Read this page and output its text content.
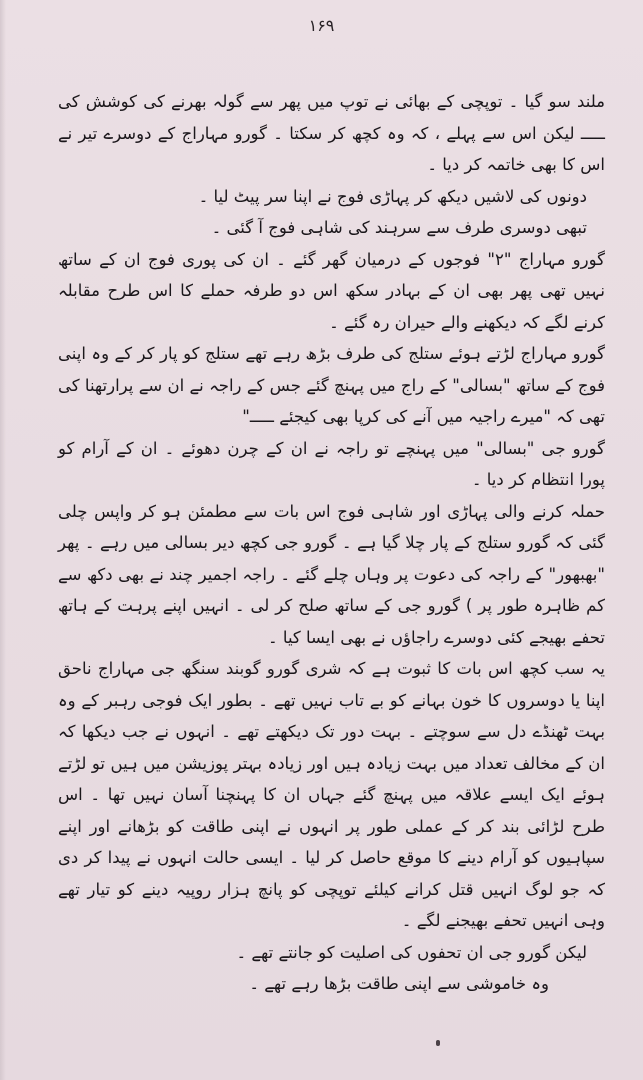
۱۶۹

ملند سو گیا ۔ توپچی کے بھائی نے توپ میں پھر سے گولہ بھرنے کی کوشش کی ـــــ لیکن اس سے پہلے ، کہ وہ کچھ کر سکتا ۔ گورو مہاراج کے دوسرے تیر نے اس کا بھی خاتمہ کر دیا ۔

دونوں کی لاشیں دیکھ کر پہاڑی فوج نے اپنا سر پیٹ لیا ۔

تبھی دوسری طرف سے سرہند کی شاہی فوج آ گئی ۔

گورو مہاراج "۲" فوجوں کے درمیان گھر گئے ۔ ان کی پوری فوج ان کے ساتھ نہیں تھی پھر بھی ان کے بہادر سکھ اس دو طرفہ حملے کا اس طرح مقابلہ کرنے لگے کہ دیکھنے والے حیران رہ گئے ۔

گورو مہاراج لڑتے ہوئے ستلج کی طرف بڑھ رہے تھے ستلج کو پار کر کے وہ اپنی فوج کے ساتھ "بسالی" کے راج میں پہنچ گئے جس کے راجہ نے ان سے پرارتھنا کی تھی کہ "میرے راجیہ میں آنے کی کرپا بھی کیجئے ـــــ"

گورو جی "بسالی" میں پہنچے تو راجہ نے ان کے چرن دھوئے ۔ ان کے آرام کو پورا انتظام کر دیا ۔

حملہ کرنے والی پہاڑی اور شاہی فوج اس بات سے مطمئن ہو کر واپس چلی گئی کہ گورو ستلج کے پار چلا گیا ہے ۔ گورو جی کچھ دیر بسالی میں رہے ۔ پھر "بھبھور" کے راجہ کی دعوت پر وہاں چلے گئے ۔ راجہ اجمیر چند نے بھی دکھ سے کم ظاہرہ طور پر ) گورو جی کے ساتھ صلح کر لی ۔ انہیں اپنے پرہت کے ہاتھ تحفے بھیجے کئی دوسرے راجاؤں نے بھی ایسا کیا ۔

یہ سب کچھ اس بات کا ثبوت ہے کہ شری گورو گوبند سنگھ جی مہاراج ناحق اپنا یا دوسروں کا خون بہانے کو بے تاب نہیں تھے ۔ بطور ایک فوجی رہبر کے وہ بہت ٹھنڈے دل سے سوچتے ۔ بہت دور تک دیکھتے تھے ۔ انہوں نے جب دیکھا کہ ان کے مخالف تعداد میں بہت زیادہ ہیں اور زیادہ بہتر پوزیشن میں ہیں تو لڑتے ہوئے ایک ایسے علاقہ میں پہنچ گئے جہاں ان کا پہنچنا آسان نہیں تھا ۔ اس طرح لڑائی بند کر کے عملی طور پر انہوں نے اپنی طاقت کو بڑھانے اور اپنے سپاہیوں کو آرام دینے کا موقع حاصل کر لیا ۔ ایسی حالت انہوں نے پیدا کر دی کہ جو لوگ انہیں قتل کرانے کیلئے توپچی کو پانچ ہزار روپیہ دینے کو تیار تھے وہی انہیں تحفے بھیجنے لگے ۔

لیکن گورو جی ان تحفوں کی اصلیت کو جانتے تھے ۔

وہ خاموشی سے اپنی طاقت بڑھا رہے تھے ۔
